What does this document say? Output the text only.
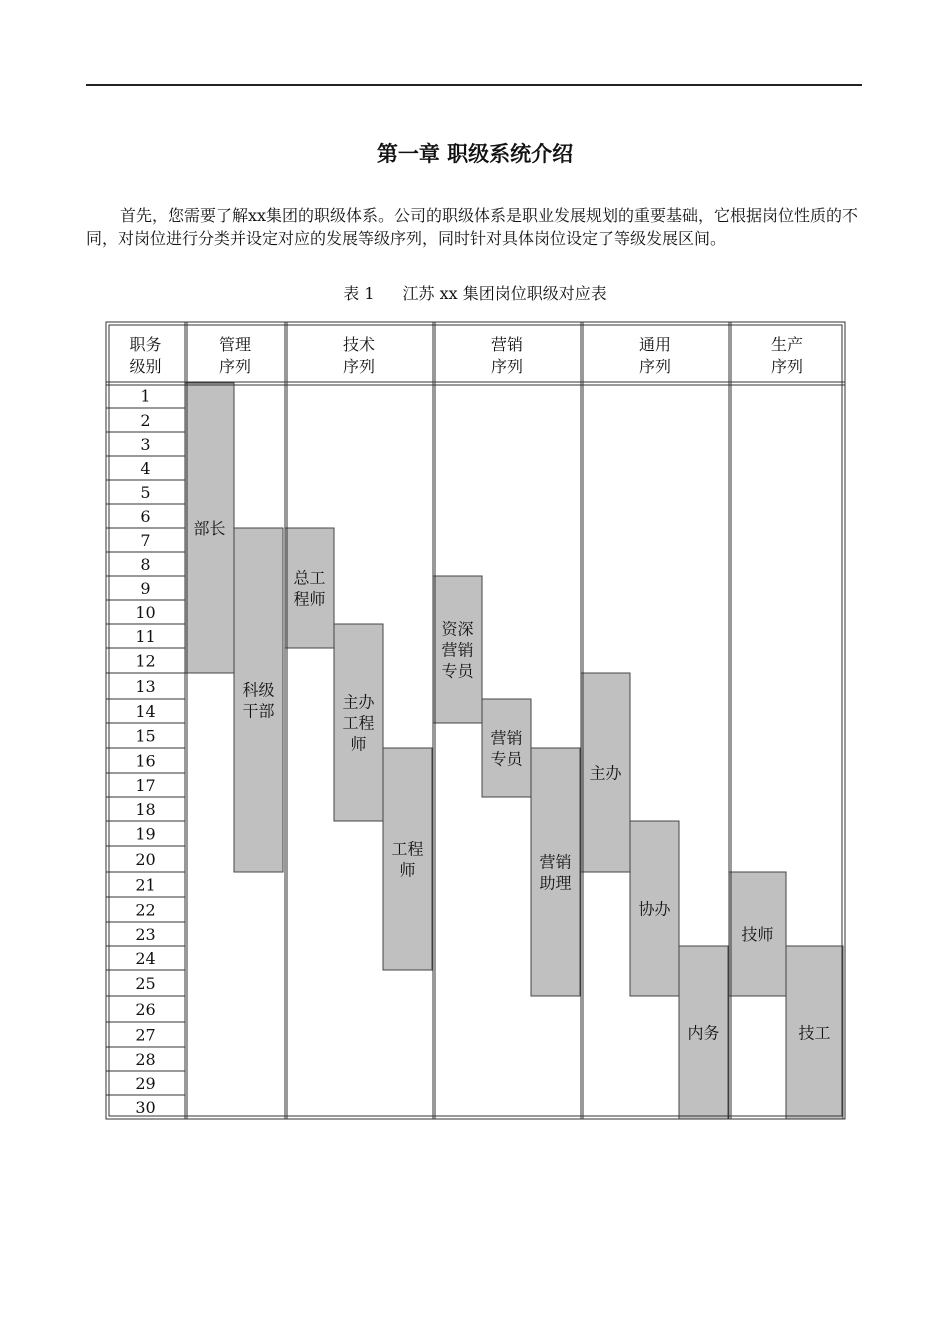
第一章 职级系统介绍

首先，您需要了解xx集团的职级体系。公司的职级体系是职业发展规划的重要基础，它根据岗位性质的不同，对岗位进行分类并设定对应的发展等级序列，同时针对具体岗位设定了等级发展区间。

表 1 江苏 xx 集团岗位职级对应表
部长
科级
干部
总工
程师
主办
工程
师
工程
师
资深
营销
专员
营销
专员
营销
助理
主办
协办
内务
技师
技工
1
2
3
4
5
6
7
8
9
10
11
12
13
14
15
16
17
18
19
20
21
22
23
24
25
26
27
28
29
30
职务
级别
管理
序列
技术
序列
营销
序列
通用
序列
生产
序列
